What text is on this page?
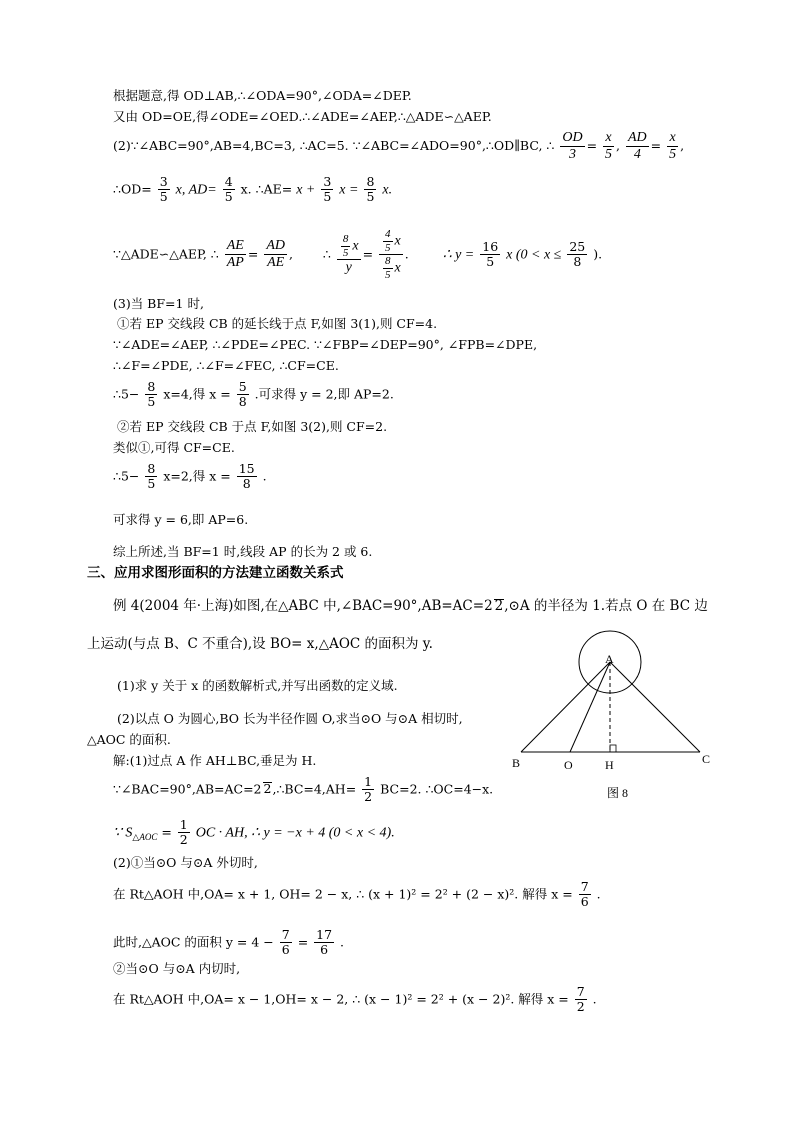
根据题意,得 OD⊥AB,∴∠ODA=90°,∠ODA=∠DEP.
又由 OD=OE,得∠ODE=∠OED.∴∠ADE=∠AEP,∴△ADE∽△AEP.
(2)∵∠ABC=90°,AB=4,BC=3, ∴AC=5. ∵∠ABC=∠ADO=90°,∴OD∥BC, ∴ $\frac{OD}{3} = \frac{x}{5}$ , $\frac{AD}{4} = \frac{x}{5}$ ,
∴OD= $\frac{3}{5} x$, $AD= \frac{4}{5} x$. ∴AE= $x + \frac{3}{5}$ $x = \frac{8}{5} x$.
∵△ADE∽△AEP, ∴ $\frac{AE}{AP} = \frac{AD}{AE}$ ,  ∴ $\frac{\frac{8}{5} x}{y} = \frac{\frac{4}{5} x}{\frac{8}{5} x}$ .  ∴ $y = \frac{16}{5}$ x ($0 < x \le \frac{25}{8}$ ).
(3)当 BF=1 时,
①若 EP 交线段 CB 的延长线于点 F,如图 3(1),则 CF=4.
∵∠ADE=∠AEP, ∴∠PDE=∠PEC. ∵∠FBP=∠DEP=90°, ∠FPB=∠DPE,
∴∠F=∠PDE, ∴∠F=∠FEC, ∴CF=CE.
∴5− $\frac{8}{5} x=4$,得 $x = \frac{5}{8}$ .可求得 y = 2,即 AP=2.
②若 EP 交线段 CB 于点 F,如图 3(2),则 CF=2.
类似①,可得 CF=CE.
∴5− $\frac{8}{5} x=2$,得 $x = \frac{15}{8}$ .
可求得 y = 6,即 AP=6.
综上所述,当 BF=1 时,线段 AP 的长为 2 或 6.
三、应用求图形面积的方法建立函数关系式
例 4(2004 年·上海)如图,在△ABC 中,∠BAC=90°,AB=AC=2 2,⊙A 的半径为 1.若点 O 在 BC 边
上运动(与点 B、C 不重合),设 BO= x,△AOC 的面积为 y.
(1)求 y 关于 x 的函数解析式,并写出函数的定义域.
(2)以点 O 为圆心,BO 长为半径作圆 O,求当⊙O 与⊙A 相切时,
△AOC 的面积.
解:(1)过点 A 作 AH⊥BC,垂足为 H.
∵∠BAC=90°,AB=AC=2 2,∴BC=4,AH= $\frac{1}{2} BC=2$. ∴OC=4−x.
∵ $S_{\triangle AOC} = \frac{1}{2}$ OC · AH, ∴ y = −x + 4 (0 < x < 4).
(2)①当⊙O 与⊙A 外切时,
在 Rt△AOH 中,OA= x + 1, OH= 2 − x, ∴ (x + 1)² = 2² + (2 − x)². 解得 $x = \frac{7}{6}$ .
此时,△AOC 的面积 $y = 4 - \frac{7}{6} = \frac{17}{6}$ .
②当⊙O 与⊙A 内切时,
在 Rt△AOH 中,OA= x − 1,OH= x − 2, ∴ (x − 1)² = 2² + (x − 2)². 解得 $x = \frac{7}{2}$ .
A
B	O	H	C
图 8
